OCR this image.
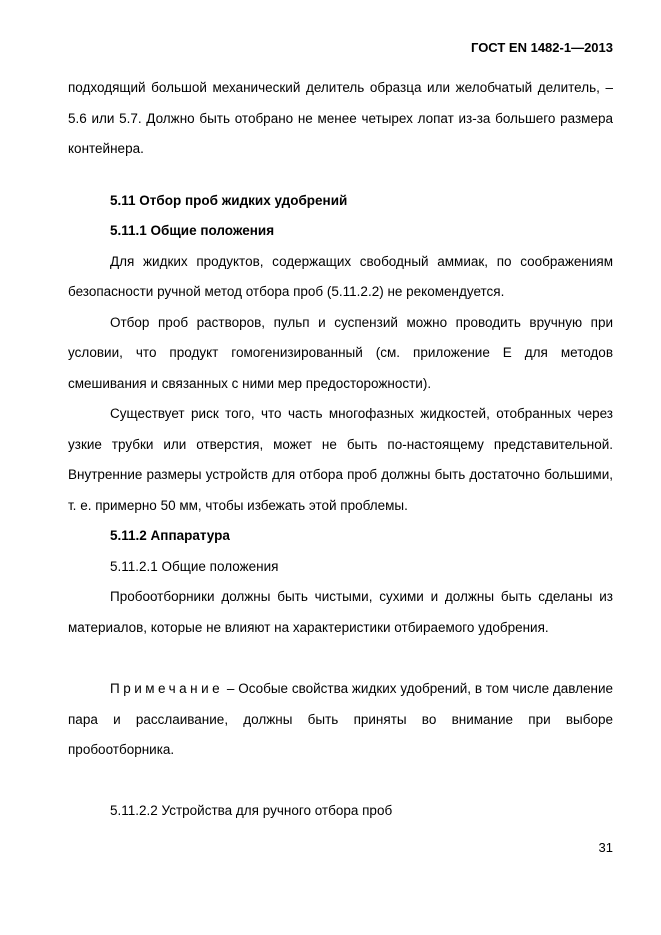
ГОСТ EN 1482-1—2013

подходящий большой механический делитель образца или желобчатый делитель, – 5.6 или 5.7. Должно быть отобрано не менее четырех лопат из-за большего размера контейнера.

5.11 Отбор проб жидких удобрений

5.11.1 Общие положения

Для жидких продуктов, содержащих свободный аммиак, по соображениям безопасности ручной метод отбора проб (5.11.2.2) не рекомендуется.

Отбор проб растворов, пульп и суспензий можно проводить вручную при условии, что продукт гомогенизированный (см. приложение Е для методов смешивания и связанных с ними мер предосторожности).

Существует риск того, что часть многофазных жидкостей, отобранных через узкие трубки или отверстия, может не быть по-настоящему представительной. Внутренние размеры устройств для отбора проб должны быть достаточно большими, т. е. примерно 50 мм, чтобы избежать этой проблемы.

5.11.2 Аппаратура

5.11.2.1 Общие положения

Пробоотборники должны быть чистыми, сухими и должны быть сделаны из материалов, которые не влияют на характеристики отбираемого удобрения.

Примечание – Особые свойства жидких удобрений, в том числе давление пара и расслаивание, должны быть приняты во внимание при выборе пробоотборника.

5.11.2.2 Устройства для ручного отбора проб

31
